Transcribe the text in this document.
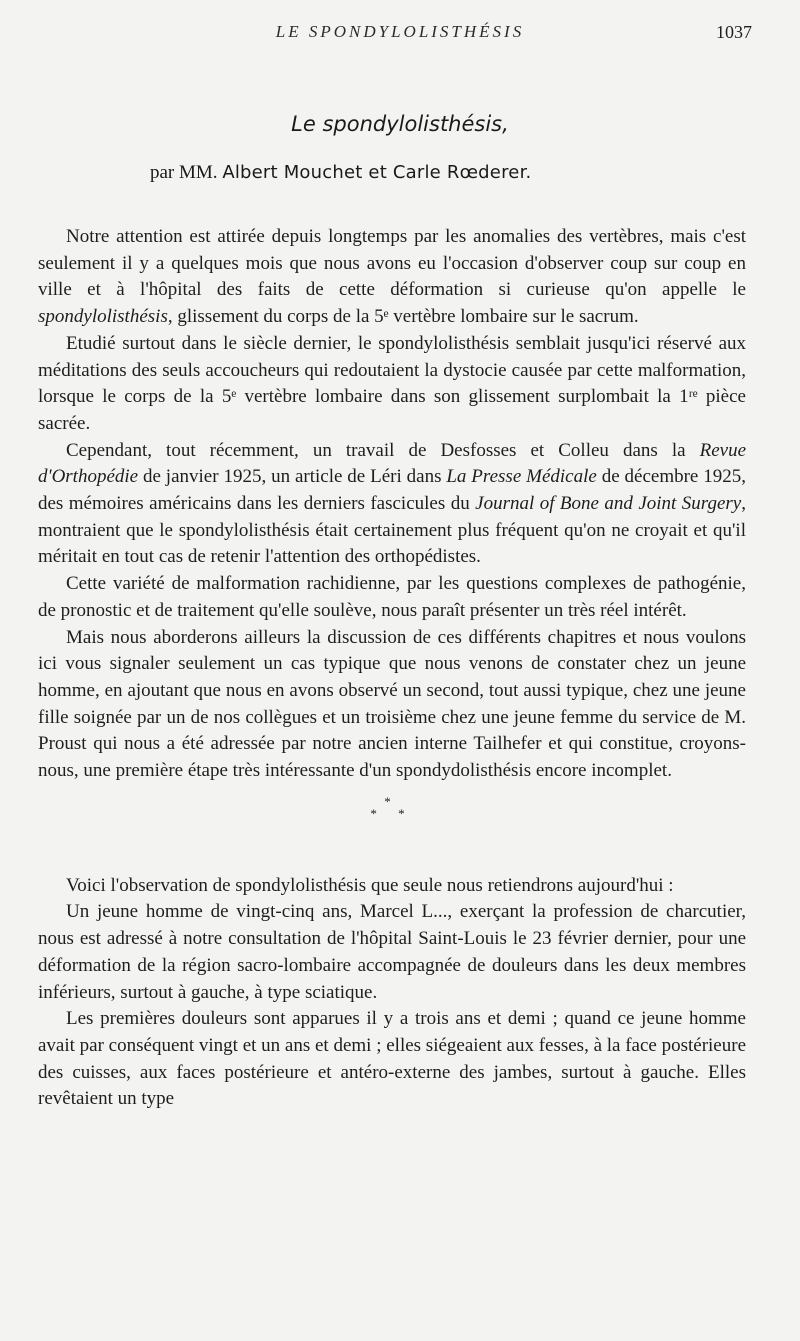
LE SPONDYLOLISTHÉSIS	1037
Le spondylolisthésis,
par MM. Albert Mouchet et Carle Rœderer.

Notre attention est attirée depuis longtemps par les anomalies des vertèbres, mais c'est seulement il y a quelques mois que nous avons eu l'occasion d'observer coup sur coup en ville et à l'hôpital des faits de cette déformation si curieuse qu'on appelle le spondylolisthésis, glissement du corps de la 5ᵉ vertèbre lombaire sur le sacrum.

Etudié surtout dans le siècle dernier, le spondylolisthésis semblait jusqu'ici réservé aux méditations des seuls accoucheurs qui redoutaient la dystocie causée par cette malformation, lorsque le corps de la 5ᵉ vertèbre lombaire dans son glissement surplombait la 1ʳᵉ pièce sacrée.

Cependant, tout récemment, un travail de Desfosses et Colleu dans la Revue d'Orthopédie de janvier 1925, un article de Léri dans La Presse Médicale de décembre 1925, des mémoires américains dans les derniers fascicules du Journal of Bone and Joint Surgery, montraient que le spondylolisthésis était certainement plus fréquent qu'on ne croyait et qu'il méritait en tout cas de retenir l'attention des orthopédistes.

Cette variété de malformation rachidienne, par les questions complexes de pathogénie, de pronostic et de traitement qu'elle soulève, nous paraît présenter un très réel intérêt.

Mais nous aborderons ailleurs la discussion de ces différents chapitres et nous voulons ici vous signaler seulement un cas typique que nous venons de constater chez un jeune homme, en ajoutant que nous en avons observé un second, tout aussi typique, chez une jeune fille soignée par un de nos collègues et un troisième chez une jeune femme du service de M. Proust qui nous a été adressée par notre ancien interne Tailhefer et qui constitue, croyons-nous, une première étape très intéressante d'un spondydolisthésis encore incomplet.

*
* *

Voici l'observation de spondylolisthésis que seule nous retiendrons aujourd'hui :

Un jeune homme de vingt-cinq ans, Marcel L..., exerçant la profession de charcutier, nous est adressé à notre consultation de l'hôpital Saint-Louis le 23 février dernier, pour une déformation de la région sacro-lombaire accompagnée de douleurs dans les deux membres inférieurs, surtout à gauche, à type sciatique.

Les premières douleurs sont apparues il y a trois ans et demi ; quand ce jeune homme avait par conséquent vingt et un ans et demi ; elles siégeaient aux fesses, à la face postérieure des cuisses, aux faces postérieure et antéro-externe des jambes, surtout à gauche. Elles revêtaient un type
